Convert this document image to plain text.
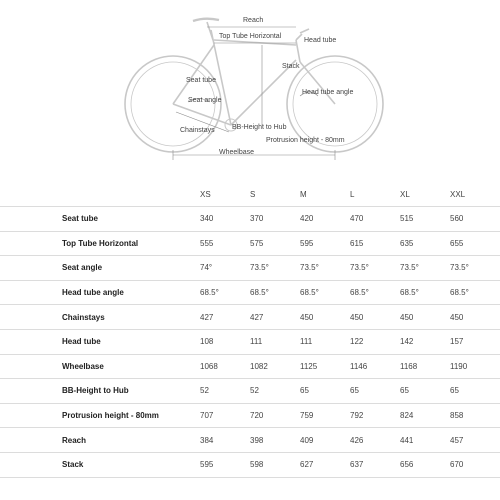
Reach
Top Tube Horizontal
Head tube
Stack
Seat tube
Seat angle
Head tube angle
Chainstays BB-Height to Hub
Protrusion height - 80mm
Wheelbase
	XS	S	M	L	XL	XXL
Seat tube	340	370	420	470	515	560
Top Tube Horizontal	555	575	595	615	635	655
Seat angle	74°	73.5°	73.5°	73.5°	73.5°	73.5°
Head tube angle	68.5°	68.5°	68.5°	68.5°	68.5°	68.5°
Chainstays	427	427	450	450	450	450
Head tube	108	111	111	122	142	157
Wheelbase	1068	1082	1125	1146	1168	1190
BB-Height to Hub	52	52	65	65	65	65
Protrusion height - 80mm	707	720	759	792	824	858
Reach	384	398	409	426	441	457
Stack	595	598	627	637	656	670
